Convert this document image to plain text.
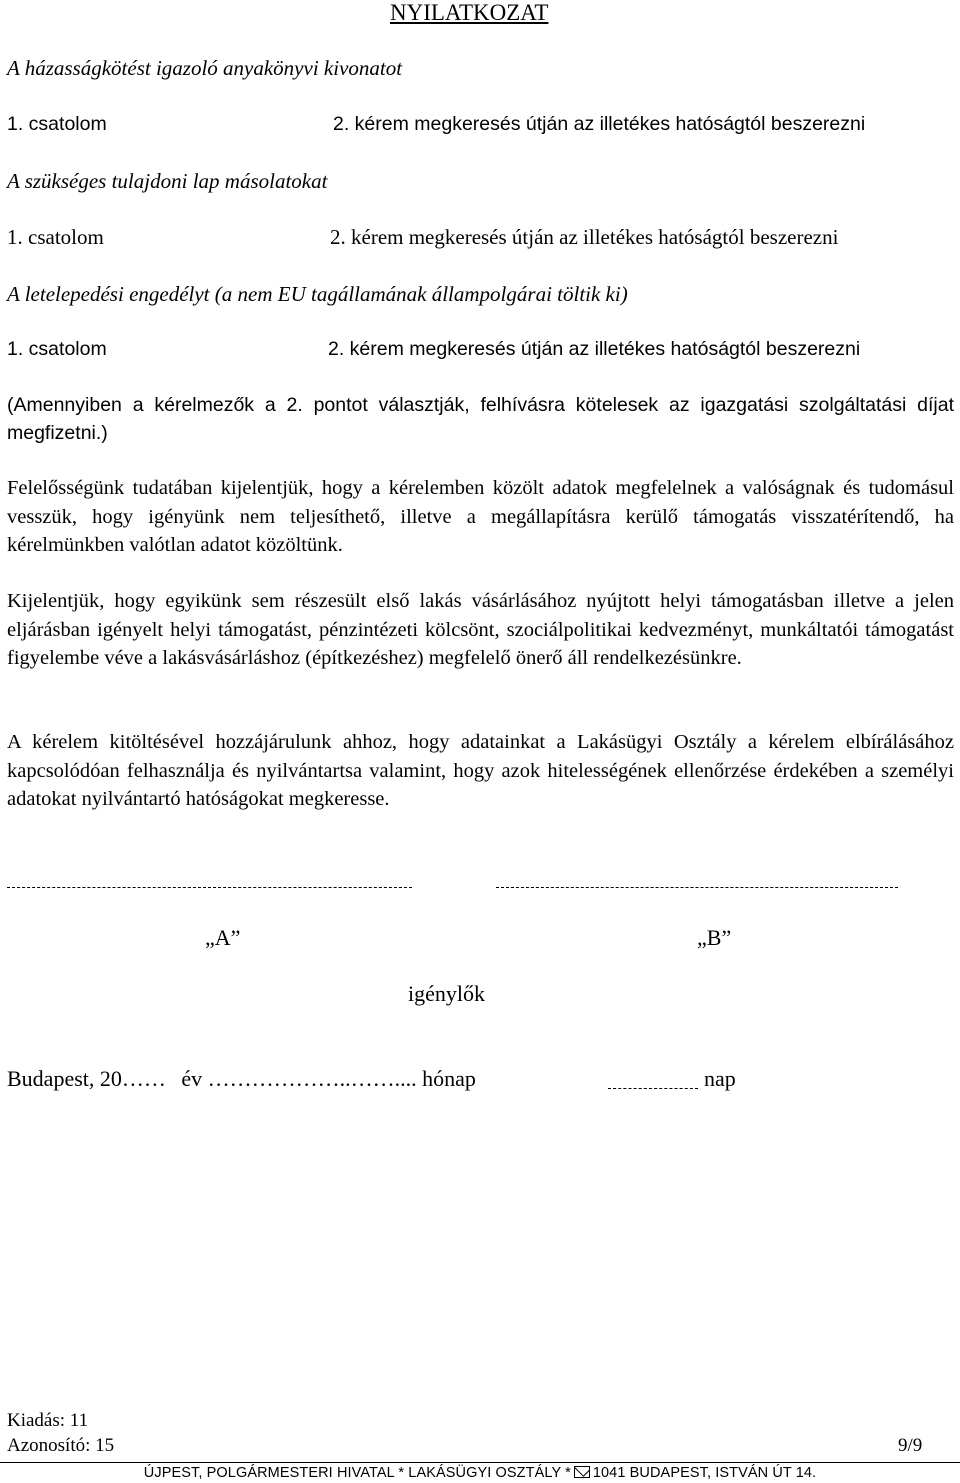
NYILATKOZAT
A házasságkötést igazoló anyakönyvi kivonatot
1. csatolom	2. kérem megkeresés útján az illetékes hatóságtól beszerezni
A szükséges tulajdoni lap másolatokat
1. csatolom	2. kérem megkeresés útján az illetékes hatóságtól beszerezni
A letelepedési engedélyt (a nem EU tagállamának állampolgárai töltik ki)
1. csatolom	2. kérem megkeresés útján az illetékes hatóságtól beszerezni
(Amennyiben a kérelmezők a 2. pontot választják, felhívásra kötelesek az igazgatási szolgáltatási díjat megfizetni.)
Felelősségünk tudatában kijelentjük, hogy a kérelemben közölt adatok megfelelnek a valóságnak és tudomásul vesszük, hogy igényünk nem teljesíthető, illetve a megállapításra kerülő támogatás visszatérítendő, ha kérelmünkben valótlan adatot közöltünk.
Kijelentjük, hogy egyikünk sem részesült első lakás vásárlásához nyújtott helyi támogatásban illetve a jelen eljárásban igényelt helyi támogatást, pénzintézeti kölcsönt, szociálpolitikai kedvezményt, munkáltatói támogatást figyelembe véve a lakásvásárláshoz (építkezéshez) megfelelő önerő áll rendelkezésünkre.
A kérelem kitöltésével hozzájárulunk ahhoz, hogy adatainkat a Lakásügyi Osztály a kérelem elbírálásához kapcsolódóan felhasználja és nyilvántartsa valamint, hogy azok hitelességének ellenőrzése érdekében a személyi adatokat nyilvántartó hatóságokat megkeresse.
„A”	„B”
igénylők
Budapest, 20…… év ………………..…….... hónap	nap
Kiadás: 11
Azonosító: 15	9/9
ÚJPEST, POLGÁRMESTERI HIVATAL * LAKÁSÜGYI OSZTÁLY * 1041 BUDAPEST, ISTVÁN ÚT 14.
